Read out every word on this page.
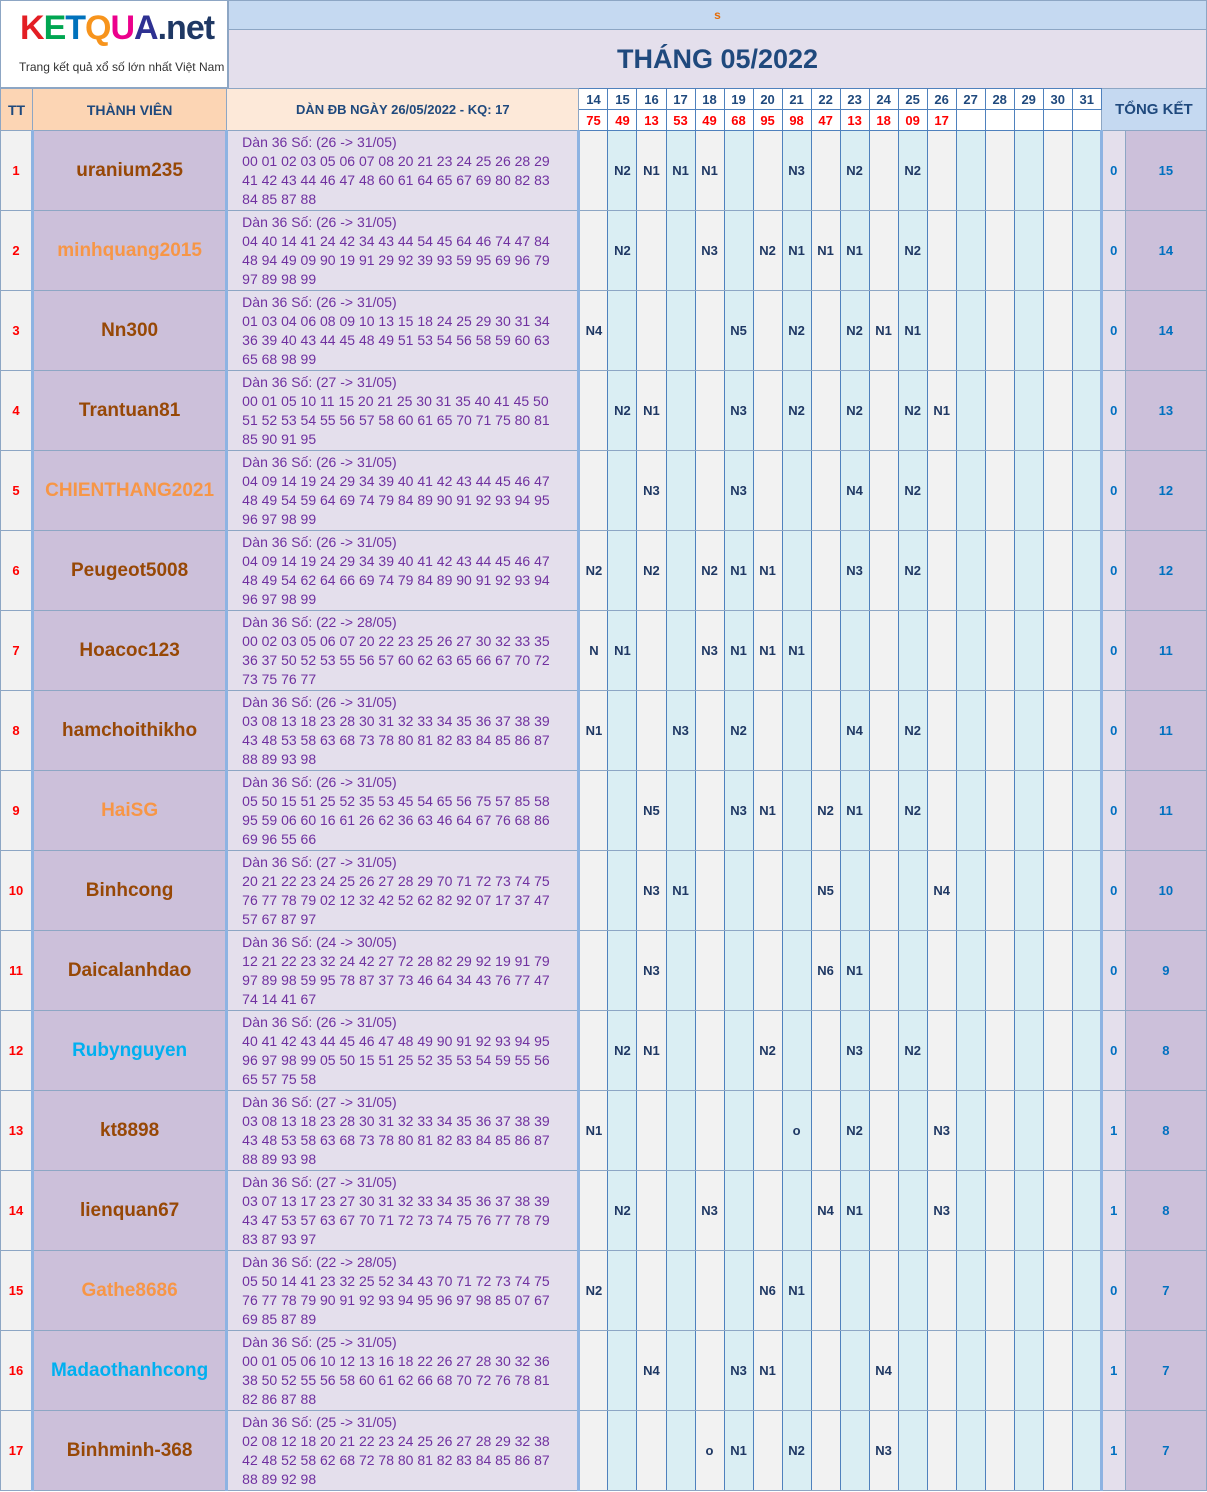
KETQUA.net
Trang kết quả xổ số lớn nhất Việt Nam
s
THÁNG 05/2022
TT	THÀNH VIÊN	DÀN ĐB NGÀY 26/05/2022 - KQ: 17	14	15	16	17	18	19	20	21	22	23	24	25	26	27	28	29	30	31	TỔNG KẾT	
			75	49	13	53	49	68	95	98	47	13	18	09	17							
1	uranium235	Dàn 36 Số: (26 -> 31/05)
00 01 02 03 05 06 07 08 20 21 23 24 25 26 28 29
41 42 43 44 46 47 48 60 61 64 65 67 69 80 82 83
84 85 87 88		N2	N1	N1	N1			N3		N2		N2							0	15
2	minhquang2015	Dàn 36 Số: (26 -> 31/05)
04 40 14 41 24 42 34 43 44 54 45 64 46 74 47 84
48 94 49 09 90 19 91 29 92 39 93 59 95 69 96 79
97 89 98 99		N2			N3		N2	N1	N1	N1		N2							0	14
3	Nn300	Dàn 36 Số: (26 -> 31/05)
01 03 04 06 08 09 10 13 15 18 24 25 29 30 31 34
36 39 40 43 44 45 48 49 51 53 54 56 58 59 60 63
65 68 98 99	N4					N5		N2		N2	N1	N1							0	14
4	Trantuan81	Dàn 36 Số: (27 -> 31/05)
00 01 05 10 11 15 20 21 25 30 31 35 40 41 45 50
51 52 53 54 55 56 57 58 60 61 65 70 71 75 80 81
85 90 91 95		N2	N1			N3		N2		N2		N2	N1						0	13
5	CHIENTHANG2021	Dàn 36 Số: (26 -> 31/05)
04 09 14 19 24 29 34 39 40 41 42 43 44 45 46 47
48 49 54 59 64 69 74 79 84 89 90 91 92 93 94 95
96 97 98 99			N3			N3				N4		N2							0	12
6	Peugeot5008	Dàn 36 Số: (26 -> 31/05)
04 09 14 19 24 29 34 39 40 41 42 43 44 45 46 47
48 49 54 62 64 66 69 74 79 84 89 90 91 92 93 94
96 97 98 99	N2		N2		N2	N1	N1			N3		N2							0	12
7	Hoacoc123	Dàn 36 Số: (22 -> 28/05)
00 02 03 05 06 07 20 22 23 25 26 27 30 32 33 35
36 37 50 52 53 55 56 57 60 62 63 65 66 67 70 72
73 75 76 77	N	N1			N3	N1	N1	N1											0	11
8	hamchoithikho	Dàn 36 Số: (26 -> 31/05)
03 08 13 18 23 28 30 31 32 33 34 35 36 37 38 39
43 48 53 58 63 68 73 78 80 81 82 83 84 85 86 87
88 89 93 98	N1			N3		N2				N4		N2							0	11
9	HaiSG	Dàn 36 Số: (26 -> 31/05)
05 50 15 51 25 52 35 53 45 54 65 56 75 57 85 58
95 59 06 60 16 61 26 62 36 63 46 64 67 76 68 86
69 96 55 66			N5			N3	N1		N2	N1		N2							0	11
10	Binhcong	Dàn 36 Số: (27 -> 31/05)
20 21 22 23 24 25 26 27 28 29 70 71 72 73 74 75
76 77 78 79 02 12 32 42 52 62 82 92 07 17 37 47
57 67 87 97			N3	N1					N5				N4						0	10
11	Daicalanhdao	Dàn 36 Số: (24 -> 30/05)
12 21 22 23 32 24 42 27 72 28 82 29 92 19 91 79
97 89 98 59 95 78 87 37 73 46 64 34 43 76 77 47
74 14 41 67			N3						N6	N1									0	9
12	Rubynguyen	Dàn 36 Số: (26 -> 31/05)
40 41 42 43 44 45 46 47 48 49 90 91 92 93 94 95
96 97 98 99 05 50 15 51 25 52 35 53 54 59 55 56
65 57 75 58		N2	N1				N2			N3		N2							0	8
13	kt8898	Dàn 36 Số: (27 -> 31/05)
03 08 13 18 23 28 30 31 32 33 34 35 36 37 38 39
43 48 53 58 63 68 73 78 80 81 82 83 84 85 86 87
88 89 93 98	N1							o		N2			N3						1	8
14	lienquan67	Dàn 36 Số: (27 -> 31/05)
03 07 13 17 23 27 30 31 32 33 34 35 36 37 38 39
43 47 53 57 63 67 70 71 72 73 74 75 76 77 78 79
83 87 93 97		N2			N3				N4	N1			N3						1	8
15	Gathe8686	Dàn 36 Số: (22 -> 28/05)
05 50 14 41 23 32 25 52 34 43 70 71 72 73 74 75
76 77 78 79 90 91 92 93 94 95 96 97 98 85 07 67
69 85 87 89	N2						N6	N1											0	7
16	Madaothanhcong	Dàn 36 Số: (25 -> 31/05)
00 01 05 06 10 12 13 16 18 22 26 27 28 30 32 36
38 50 52 55 56 58 60 61 62 66 68 70 72 76 78 81
82 86 87 88			N4			N3	N1				N4								1	7
17	Binhminh-368	Dàn 36 Số: (25 -> 31/05)
02 08 12 18 20 21 22 23 24 25 26 27 28 29 32 38
42 48 52 58 62 68 72 78 80 81 82 83 84 85 86 87
88 89 92 98					o	N1		N2			N3								1	7
